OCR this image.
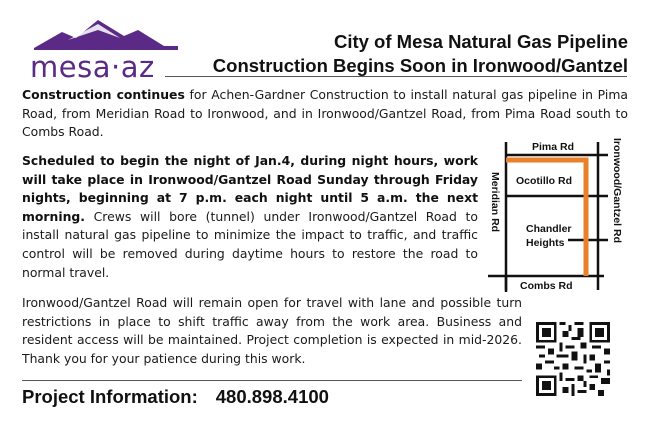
mesa·az
City of Mesa Natural Gas Pipeline
Construction Begins Soon in Ironwood/Gantzel
Construction continues for Achen-Gardner Construction to install natural gas pipeline in Pima Road, from Meridian Road to Ironwood, and in Ironwood/Gantzel Road, from Pima Road south to Combs Road.
Scheduled to begin the night of Jan.4, during night hours, work will take place in Ironwood/Gantzel Road Sunday through Friday nights, beginning at 7 p.m. each night until 5 a.m. the next morning. Crews will bore (tunnel) under Ironwood/Gantzel Road to install natural gas pipeline to minimize the impact to traffic, and traffic control will be removed during daytime hours to restore the road to normal travel.
Ironwood/Gantzel Road will remain open for travel with lane and possible turn restrictions in place to shift traffic away from the work area. Business and resident access will be maintained. Project completion is expected in mid-2026. Thank you for your patience during this work.
Pima Rd
Ocotillo Rd
Chandler
Heights
Combs Rd
Meridian Rd	Ironwood/Gantzel Rd
Project Information: 480.898.4100
